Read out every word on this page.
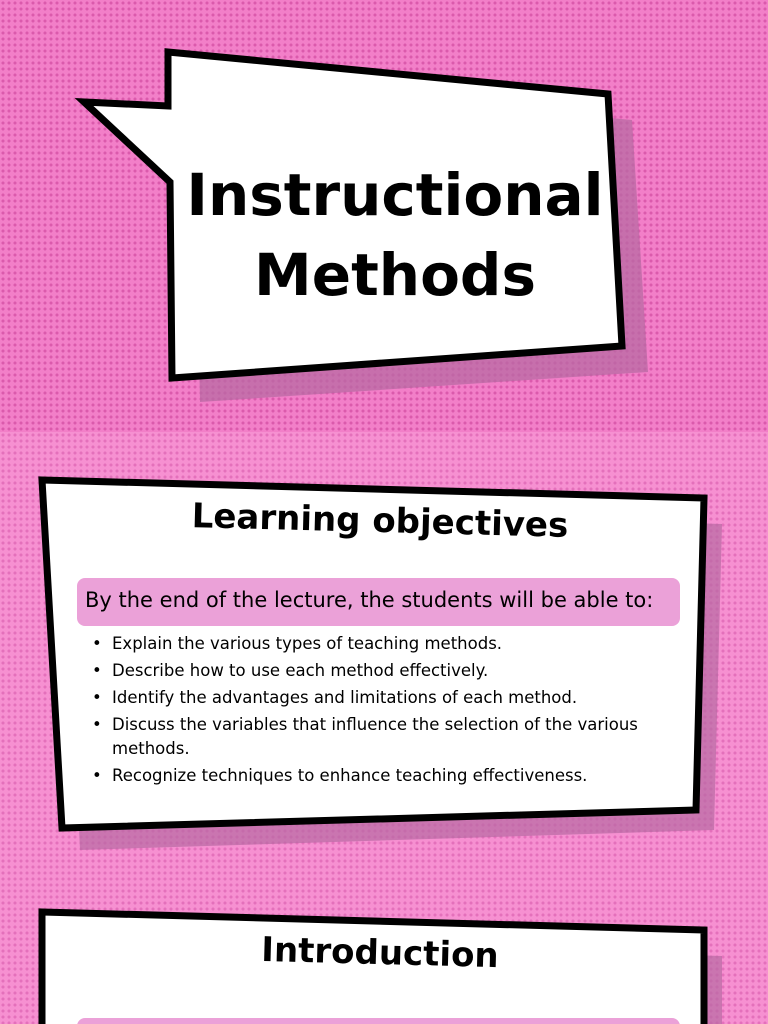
Instructional
Methods
Learning objectives
By the end of the lecture, the students will be able to:
• Explain the various types of teaching methods.
• Describe how to use each method effectively.
• Identify the advantages and limitations of each method.
• Discuss the variables that influence the selection of the various methods.
• Recognize techniques to enhance teaching effectiveness.
Introduction
